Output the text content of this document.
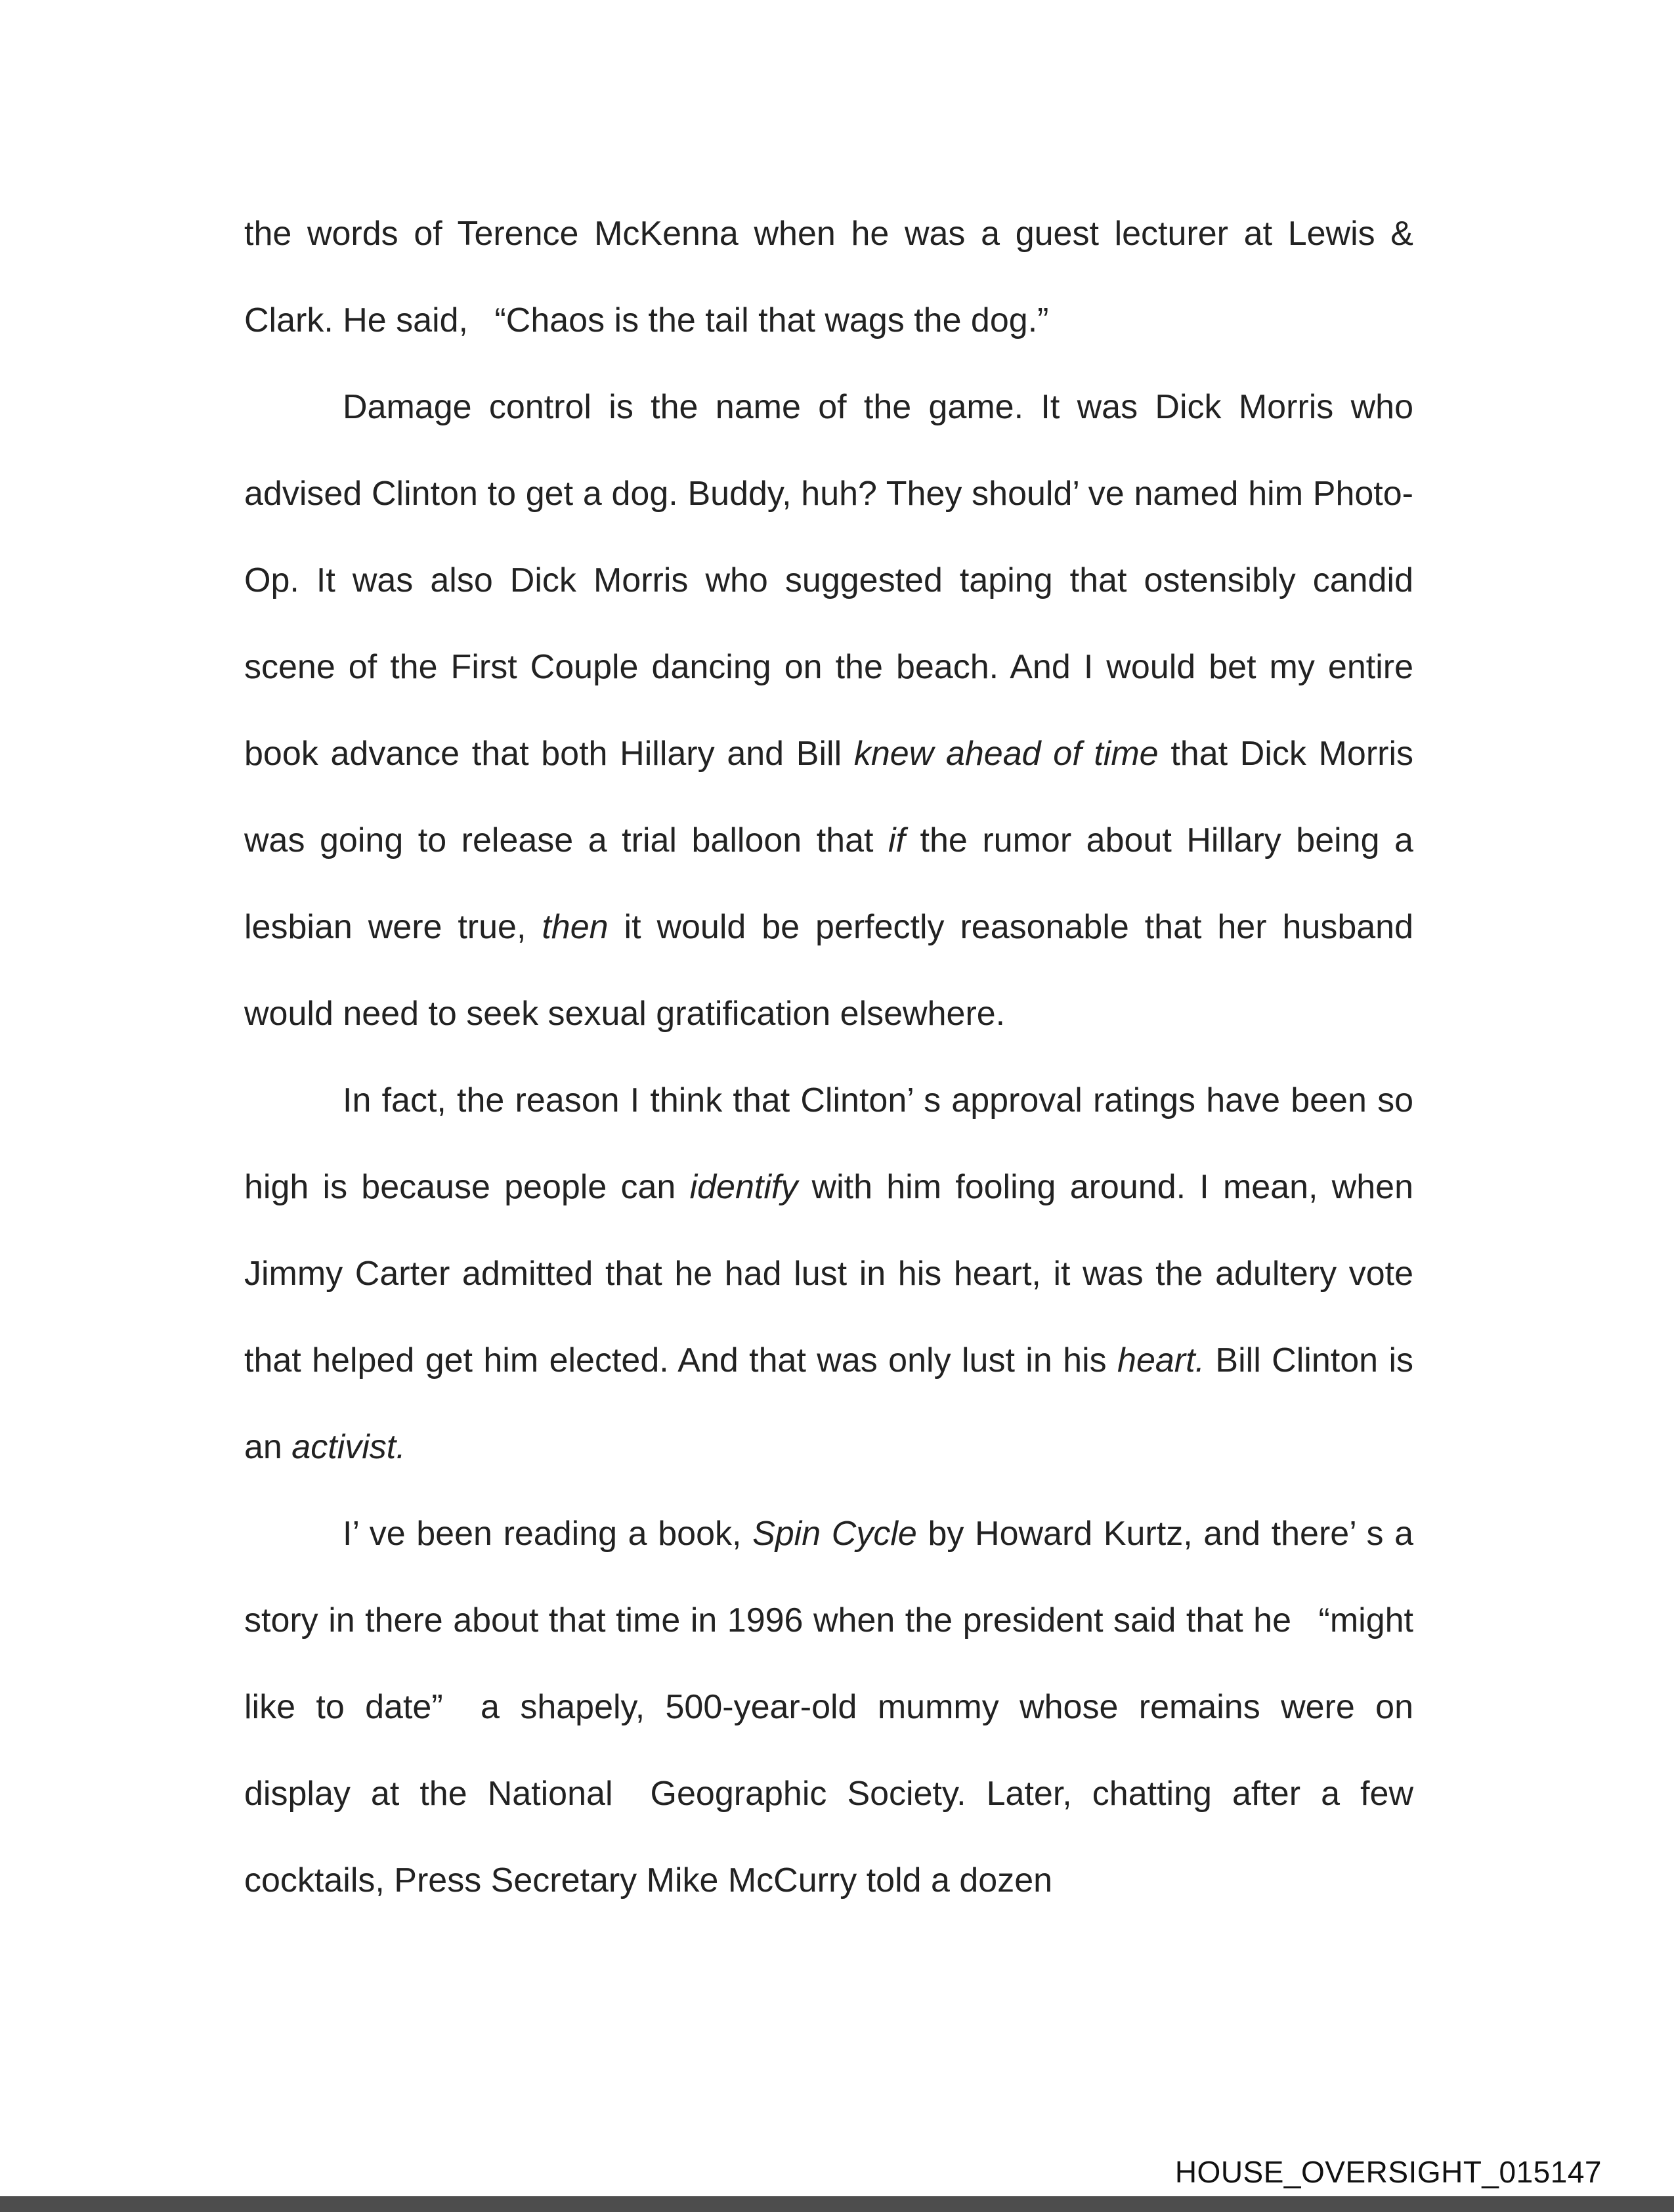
the words of Terence McKenna when he was a guest lecturer at Lewis & Clark. He said,  “Chaos is the tail that wags the dog.”

Damage control is the name of the game. It was Dick Morris who advised Clinton to get a dog. Buddy, huh? They should’ ve named him Photo-Op. It was also Dick Morris who suggested taping that ostensibly candid scene of the First Couple dancing on the beach. And I would bet my entire book advance that both Hillary and Bill knew ahead of time that Dick Morris was going to release a trial balloon that if the rumor about Hillary being a lesbian were true, then it would be perfectly reasonable that her husband would need to seek sexual gratification elsewhere.

In fact, the reason I think that Clinton’ s approval ratings have been so high is because people can identify with him fooling around. I mean, when Jimmy Carter admitted that he had lust in his heart, it was the adultery vote that helped get him elected. And that was only lust in his heart. Bill Clinton is an activist.

I’ ve been reading a book, Spin Cycle by Howard Kurtz, and there’ s a story in there about that time in 1996 when the president said that he  “might like to date”  a shapely, 500-year-old mummy whose remains were on display at the National  Geographic Society. Later, chatting after a few cocktails, Press Secretary Mike McCurry told a dozen

HOUSE_OVERSIGHT_015147
